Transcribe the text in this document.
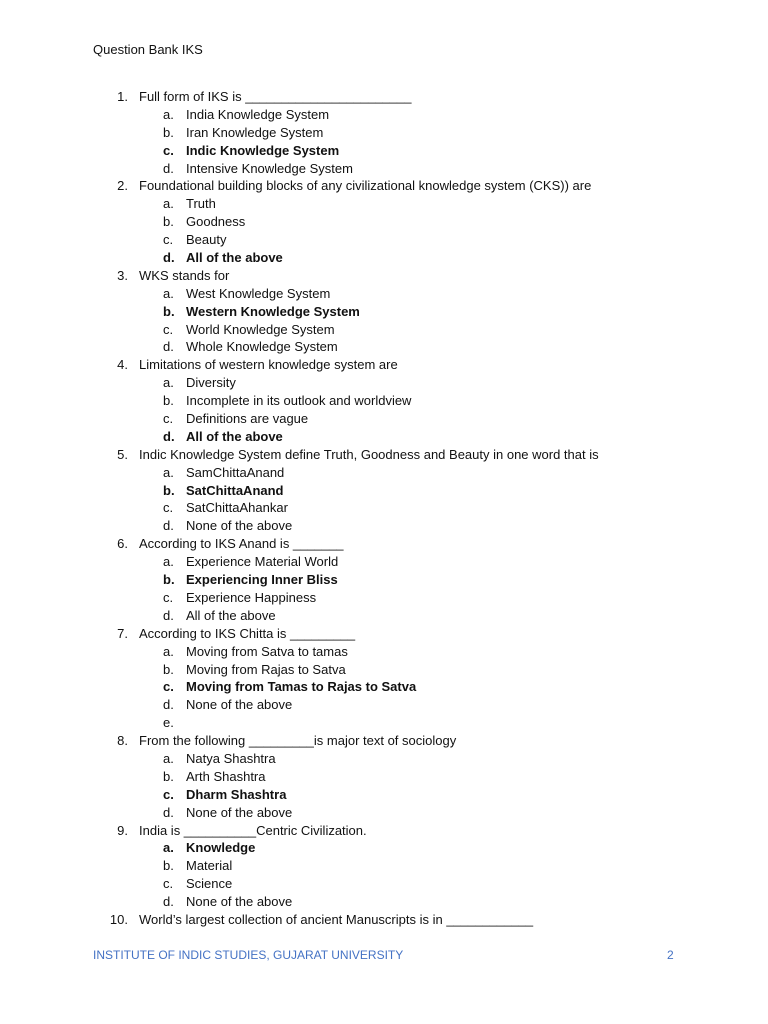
Question Bank IKS
1. Full form of IKS is _______________________
a. India Knowledge System
b. Iran Knowledge System
c. Indic Knowledge System
d. Intensive Knowledge System
2. Foundational building blocks of any civilizational knowledge system (CKS)) are
a. Truth
b. Goodness
c. Beauty
d. All of the above
3. WKS stands for
a. West Knowledge System
b. Western Knowledge System
c. World Knowledge System
d. Whole Knowledge System
4. Limitations of western knowledge system are
a. Diversity
b. Incomplete in its outlook and worldview
c. Definitions are vague
d. All of the above
5. Indic Knowledge System define Truth, Goodness and Beauty in one word that is
a. SamChittaAnand
b. SatChittaAnand
c. SatChittaAhankar
d. None of the above
6. According to IKS Anand is _______
a. Experience Material World
b. Experiencing Inner Bliss
c. Experience Happiness
d. All of the above
7. According to IKS Chitta is _________
a. Moving from Satva to tamas
b. Moving from Rajas to Satva
c. Moving from Tamas to Rajas to Satva
d. None of the above
e.
8. From the following _________is major text of sociology
a. Natya Shashtra
b. Arth Shashtra
c. Dharm Shashtra
d. None of the above
9. India is __________Centric Civilization.
a. Knowledge
b. Material
c. Science
d. None of the above
10. World’s largest collection of ancient Manuscripts is in ____________
INSTITUTE OF INDIC STUDIES, GUJARAT UNIVERSITY	2
